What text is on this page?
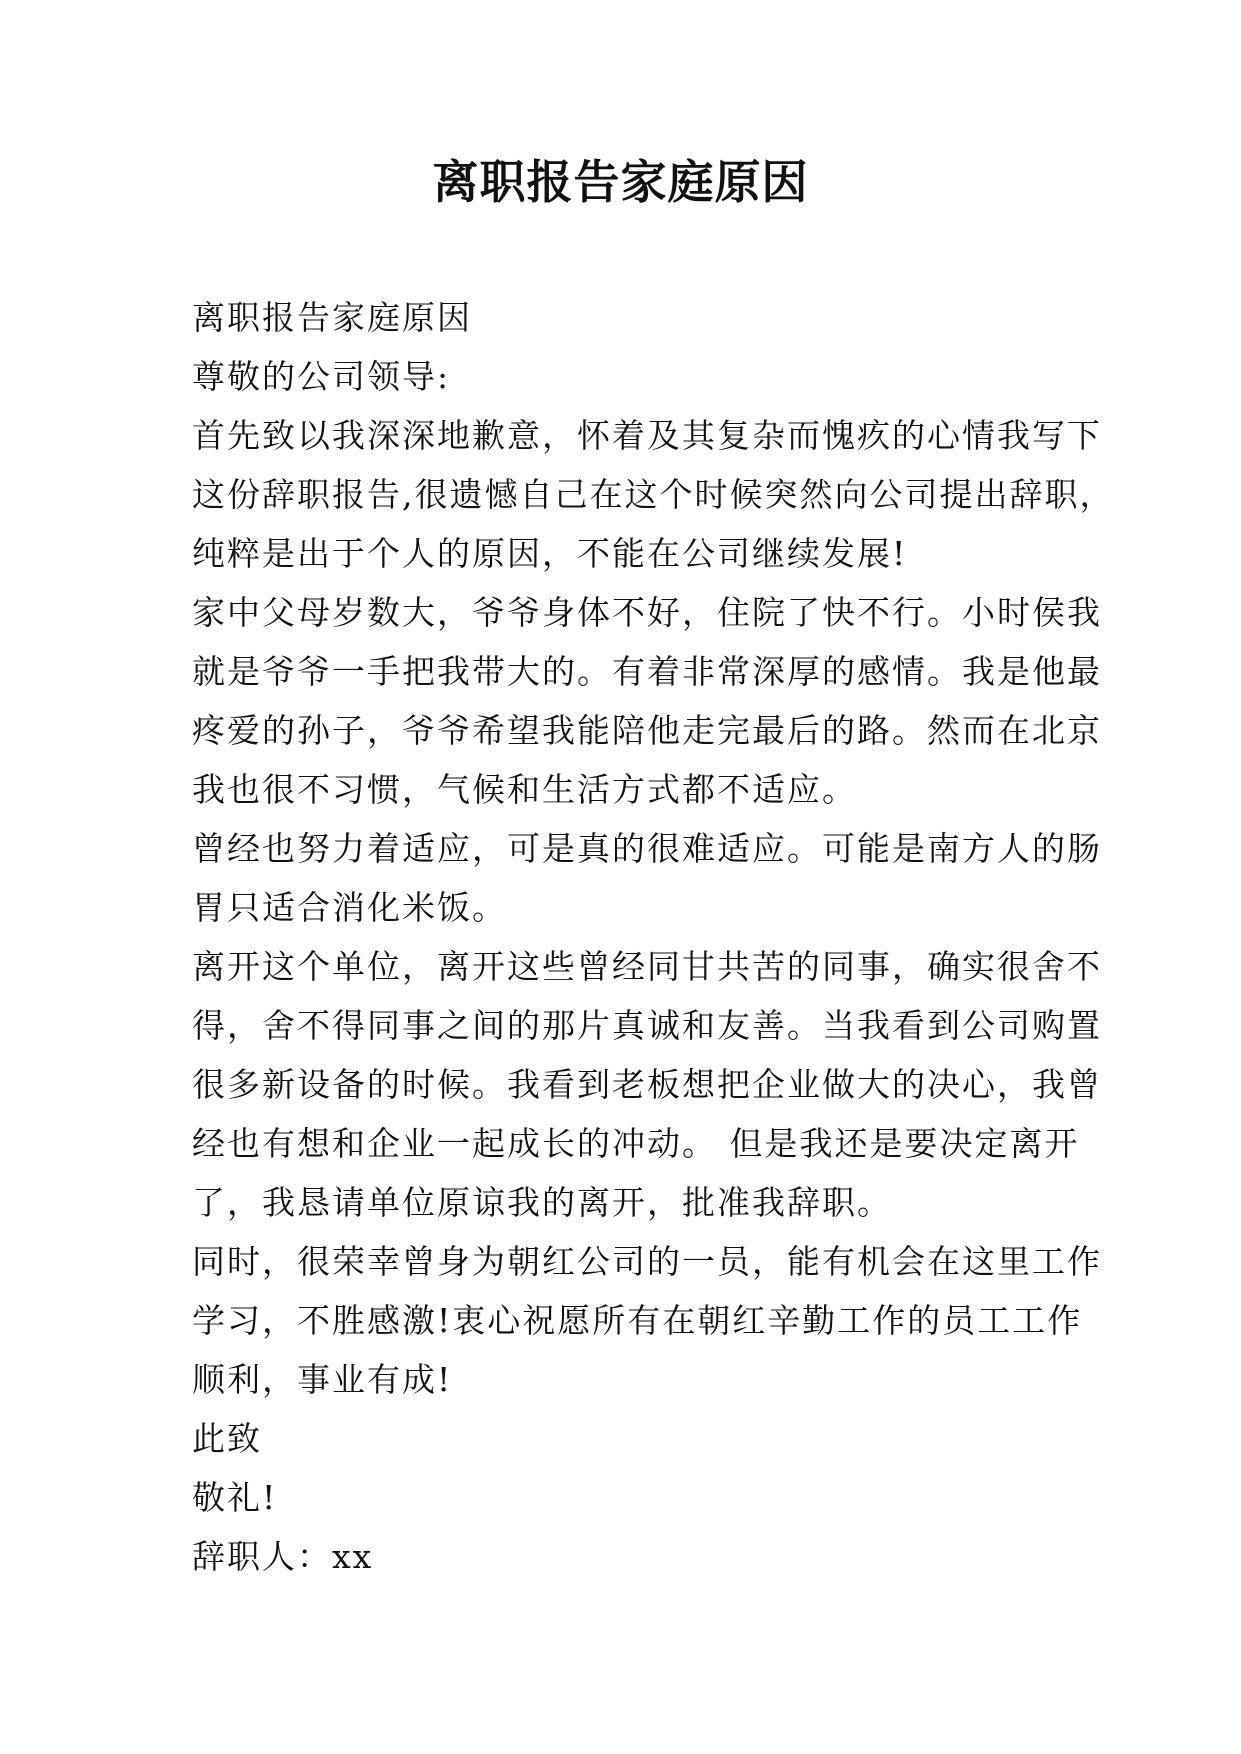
离职报告家庭原因
离职报告家庭原因
尊敬的公司领导:
首先致以我深深地歉意，怀着及其复杂而愧疚的心情我写下
这份辞职报告,很遗憾自己在这个时候突然向公司提出辞职，
纯粹是出于个人的原因，不能在公司继续发展!
家中父母岁数大，爷爷身体不好，住院了快不行。小时侯我
就是爷爷一手把我带大的。有着非常深厚的感情。我是他最
疼爱的孙子，爷爷希望我能陪他走完最后的路。然而在北京
我也很不习惯，气候和生活方式都不适应。
曾经也努力着适应，可是真的很难适应。可能是南方人的肠
胃只适合消化米饭。
离开这个单位，离开这些曾经同甘共苦的同事，确实很舍不
得，舍不得同事之间的那片真诚和友善。当我看到公司购置
很多新设备的时候。我看到老板想把企业做大的决心，我曾
经也有想和企业一起成长的冲动。 但是我还是要决定离开
了，我恳请单位原谅我的离开，批准我辞职。
同时，很荣幸曾身为朝红公司的一员，能有机会在这里工作
学习，不胜感激!衷心祝愿所有在朝红辛勤工作的员工工作
顺利，事业有成!
此致
敬礼!
辞职人：xx
